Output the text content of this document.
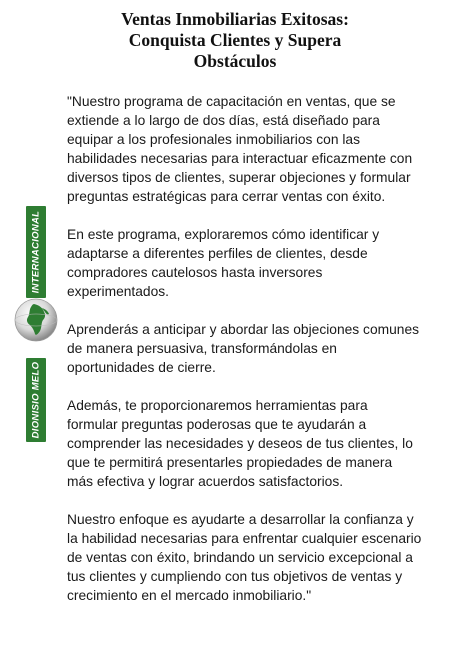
Ventas Inmobiliarias Exitosas:
Conquista Clientes y Supera
Obstáculos
INTERNACIONAL
DIONISIO MELO

"Nuestro programa de capacitación en ventas, que se
extiende a lo largo de dos días, está diseñado para
equipar a los profesionales inmobiliarios con las
habilidades necesarias para interactuar eficazmente con
diversos tipos de clientes, superar objeciones y formular
preguntas estratégicas para cerrar ventas con éxito.

En este programa, exploraremos cómo identificar y
adaptarse a diferentes perfiles de clientes, desde
compradores cautelosos hasta inversores
experimentados.

Aprenderás a anticipar y abordar las objeciones comunes
de manera persuasiva, transformándolas en
oportunidades de cierre.

Además, te proporcionaremos herramientas para
formular preguntas poderosas que te ayudarán a
comprender las necesidades y deseos de tus clientes, lo
que te permitirá presentarles propiedades de manera
más efectiva y lograr acuerdos satisfactorios.

Nuestro enfoque es ayudarte a desarrollar la confianza y
la habilidad necesarias para enfrentar cualquier escenario
de ventas con éxito, brindando un servicio excepcional a
tus clientes y cumpliendo con tus objetivos de ventas y
crecimiento en el mercado inmobiliario."
